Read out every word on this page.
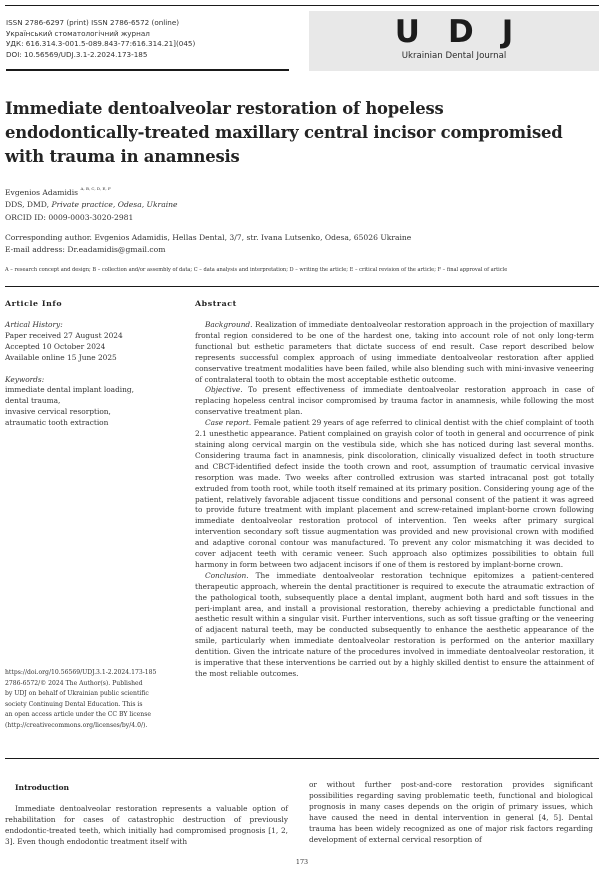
ISSN 2786-6297 (print) ISSN 2786-6572 (online)
Український стоматологічний журнал
УДК: 616.314.3-001.5-089.843-77:616.314.21](045)
DOI: 10.56569/UDJ.3.1-2.2024.173-185
U D J
Ukrainian Dental Journal
Immediate dentoalveolar restoration of hopeless endodontically-treated maxillary central incisor compromised with trauma in anamnesis
Evgenios Adamidis $^{A, B, C, D, E, F}$
DDS, DMD, Private practice, Odesa, Ukraine
ORCID ID: 0009-0003-3020-2981
Corresponding author. Evgenios Adamidis, Hellas Dental, 3/7, str. Ivana Lutsenko, Odesa, 65026 Ukraine
E-mail address: Dr.eadamidis@gmail.com
A – research concept and design; B – collection and/or assembly of data; C – data analysis and interpretation; D – writing the article; E – critical revision of the article; F – final approval of article
Article Info	Abstract
Artical History:
Paper received 27 August 2024
Accepted 10 October 2024
Available online 15 June 2025
Keywords:
immediate dental implant loading,
dental trauma,
invasive cervical resorption,
atraumatic tooth extraction
https://doi.org/10.56569/UDJ.3.1-2.2024.173-185
2786-6572/© 2024 The Author(s). Published
by UDJ on behalf of Ukrainian public scientific
society Continuing Dental Education. This is
an open access article under the CC BY license
(http://creativecommons.org/licenses/by/4.0/).

Background. Realization of immediate dentoalveolar restoration approach in the projection of maxillary frontal region considered to be one of the hardest one, taking into account role of not only long-term functional but esthetic parameters that dictate success of end result. Case report described below represents successful complex approach of using immediate dentoalveolar restoration after applied conservative treatment modalities have been failed, while also blending such with mini-invasive veneering of contralateral tooth to obtain the most acceptable esthetic outcome.

Objective. To present effectiveness of immediate dentoalveolar restoration approach in case of replacing hopeless central incisor compromised by trauma factor in anamnesis, while following the most conservative treatment plan.

Case report. Female patient 29 years of age referred to clinical dentist with the chief complaint of tooth 2.1 unesthetic appearance. Patient complained on grayish color of tooth in general and occurrence of pink staining along cervical margin on the vestibula side, which she has noticed during last several months. Considering trauma fact in anamnesis, pink discoloration, clinically visualized defect in tooth structure and CBCT-identified defect inside the tooth crown and root, assumption of traumatic cervical invasive resorption was made. Two weeks after controlled extrusion was started intracanal post got totally extruded from tooth root, while tooth itself remained at its primary position. Considering young age of the patient, relatively favorable adjacent tissue conditions and personal consent of the patient it was agreed to provide future treatment with implant placement and screw-retained implant-borne crown following immediate dentoalveolar restoration protocol of intervention. Ten weeks after primary surgical intervention secondary soft tissue augmentation was provided and new provisional crown with modified and adaptive coronal contour was manufactured. To prevent any color mismatching it was decided to cover adjacent teeth with ceramic veneer. Such approach also optimizes possibilities to obtain full harmony in form between two adjacent incisors if one of them is restored by implant-borne crown.

Conclusion. The immediate dentoalveolar restoration technique epitomizes a patient-centered therapeutic approach, wherein the dental practitioner is required to execute the atraumatic extraction of the pathological tooth, subsequently place a dental implant, augment both hard and soft tissues in the peri-implant area, and install a provisional restoration, thereby achieving a predictable functional and aesthetic result within a singular visit. Further interventions, such as soft tissue grafting or the veneering of adjacent natural teeth, may be conducted subsequently to enhance the aesthetic appearance of the smile, particularly when immediate dentoalveolar restoration is performed on the anterior maxillary dentition. Given the intricate nature of the procedures involved in immediate dentoalveolar restoration, it is imperative that these interventions be carried out by a highly skilled dentist to ensure the attainment of the most reliable outcomes.

Introduction

Immediate dentoalveolar restoration represents a valuable option of rehabilitation for cases of catastrophic destruction of previously endodontic-treated teeth, which initially had compromised prognosis [1, 2, 3]. Even though endodontic treatment itself with

or without further post-and-core restoration provides significant possibilities regarding saving problematic teeth, functional and biological prognosis in many cases depends on the origin of primary issues, which have caused the need in dental intervention in general [4, 5]. Dental trauma has been widely recognized as one of major risk factors regarding development of external cervical resorption of
173
